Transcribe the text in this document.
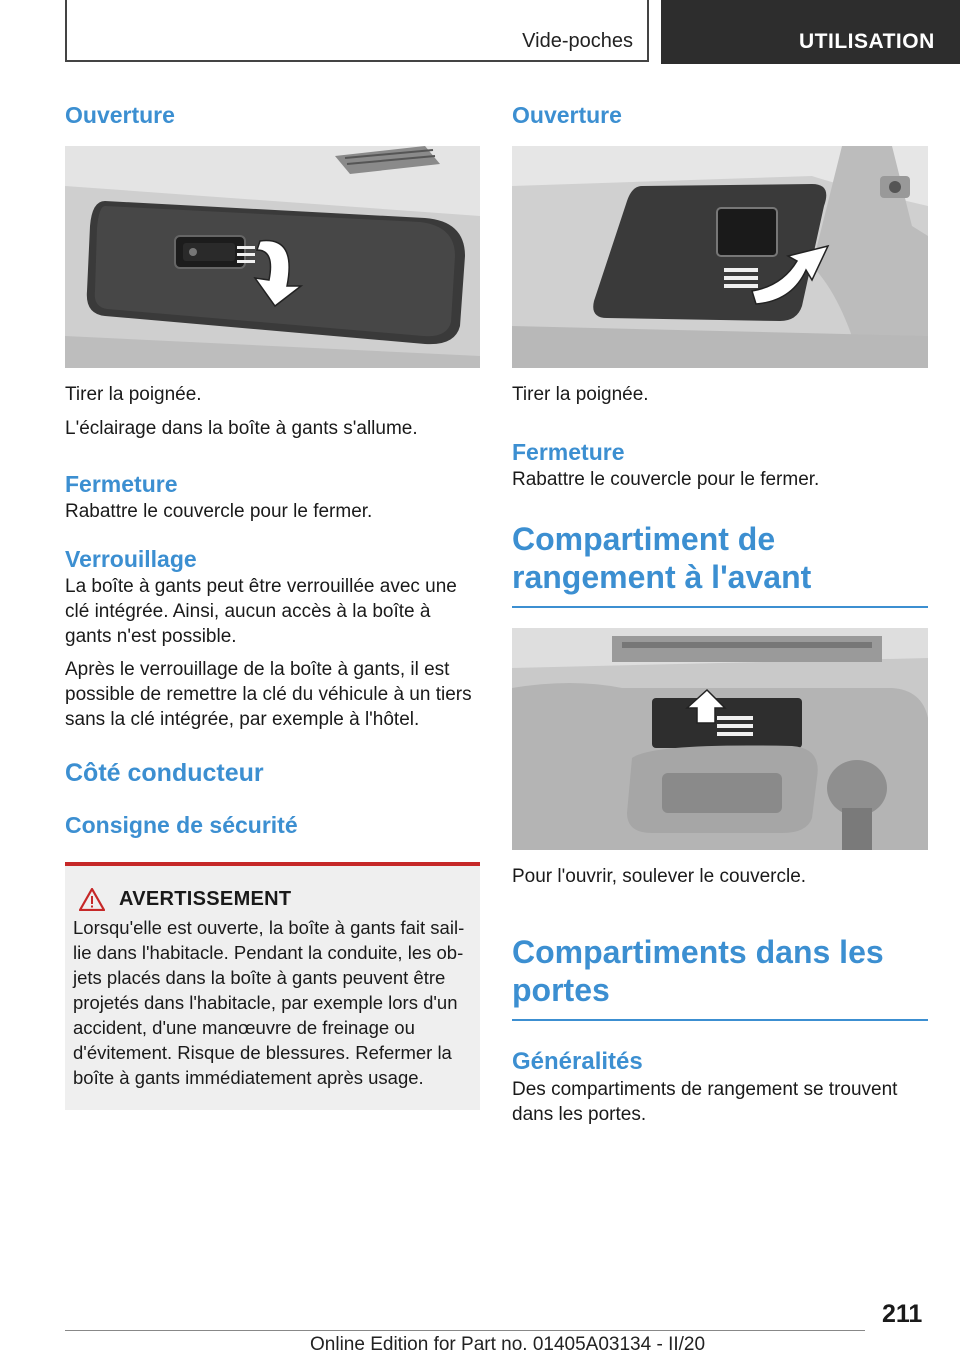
Vide-poches	UTILISATION
Ouverture

Tirer la poignée.

L'éclairage dans la boîte à gants s'allume.

Fermeture

Rabattre le couvercle pour le fermer.

Verrouillage

La boîte à gants peut être verrouillée avec une clé intégrée. Ainsi, aucun accès à la boîte à gants n'est possible.

Après le verrouillage de la boîte à gants, il est possible de remettre la clé du véhicule à un tiers sans la clé intégrée, par exemple à l'hôtel.

Côté conducteur
Consigne de sécurité
AVERTISSEMENT

Lorsqu'elle est ouverte, la boîte à gants fait saillie dans l'habitacle. Pendant la conduite, les objets placés dans la boîte à gants peuvent être projetés dans l'habitacle, par exemple lors d'un accident, d'une manœuvre de freinage ou d'évitement. Risque de blessures. Refermer la boîte à gants immédiatement après usage.

Ouverture

Tirer la poignée.

Fermeture

Rabattre le couvercle pour le fermer.

Compartiment de rangement à l'avant

Pour l'ouvrir, soulever le couvercle.

Compartiments dans les portes
Généralités

Des compartiments de rangement se trouvent dans les portes.

211
Online Edition for Part no. 01405A03134 - II/20
